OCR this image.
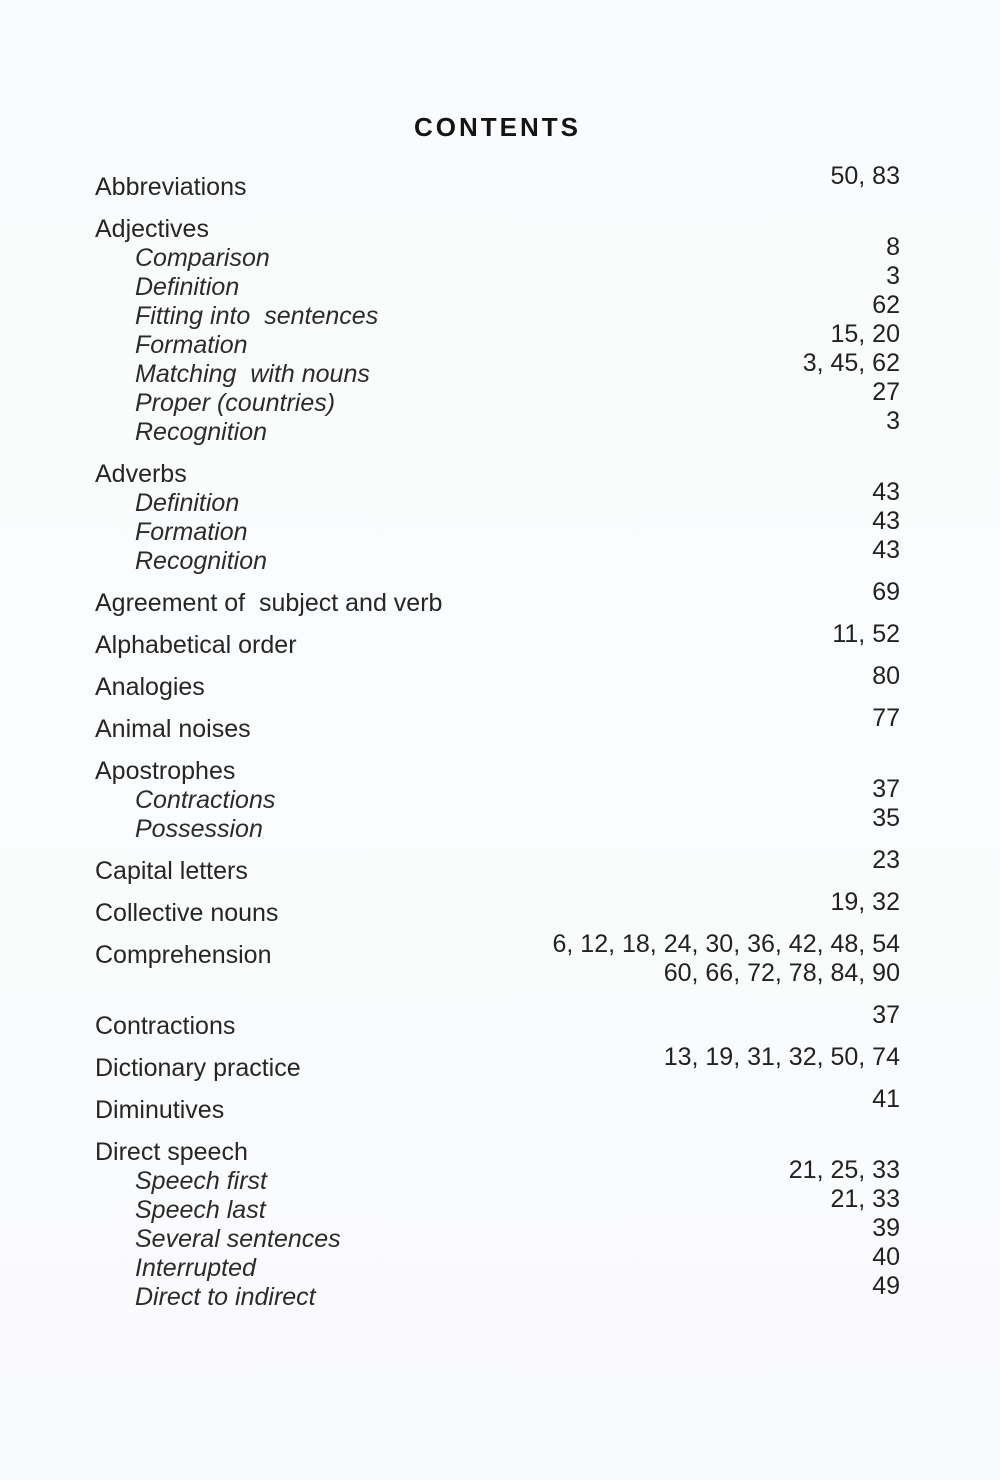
CONTENTS
Abbreviations	50, 83
Adjectives
Comparison	8
Definition	3
Fitting into  sentences	62
Formation	15, 20
Matching  with nouns	3, 45, 62
Proper (countries)	27
Recognition	3
Adverbs
Definition	43
Formation	43
Recognition	43
Agreement of  subject and verb	69
Alphabetical order	11, 52
Analogies	80
Animal noises	77
Apostrophes
Contractions	37
Possession	35
Capital letters	23
Collective nouns	19, 32
Comprehension	6, 12, 18, 24, 30, 36, 42, 48, 54
60, 66, 72, 78, 84, 90
Contractions	37
Dictionary practice	13, 19, 31, 32, 50, 74
Diminutives	41
Direct speech
Speech first	21, 25, 33
Speech last	21, 33
Several sentences	39
Interrupted	40
Direct to indirect	49
